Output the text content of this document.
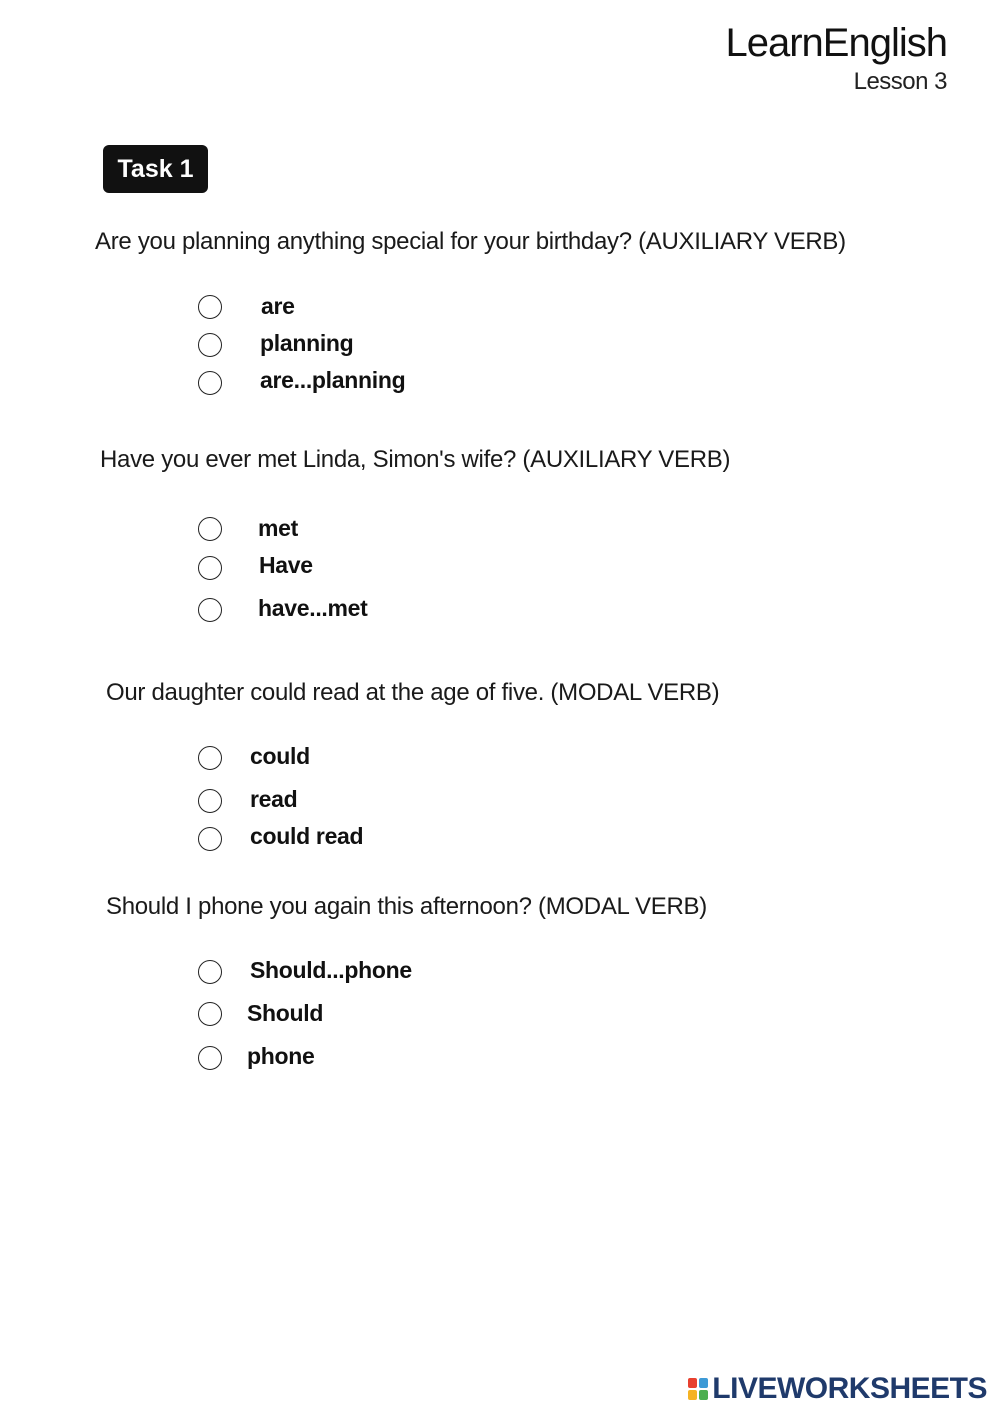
LearnEnglish
Lesson 3
Task 1
Are you planning anything special for your birthday? (AUXILIARY VERB)
are
planning
are...planning
Have you ever met Linda, Simon's wife? (AUXILIARY VERB)
met
Have
have...met
Our daughter could read at the age of five. (MODAL VERB)
could
read
could read
Should I phone you again this afternoon? (MODAL VERB)
Should...phone
Should
phone
LIVEWORKSHEETS
